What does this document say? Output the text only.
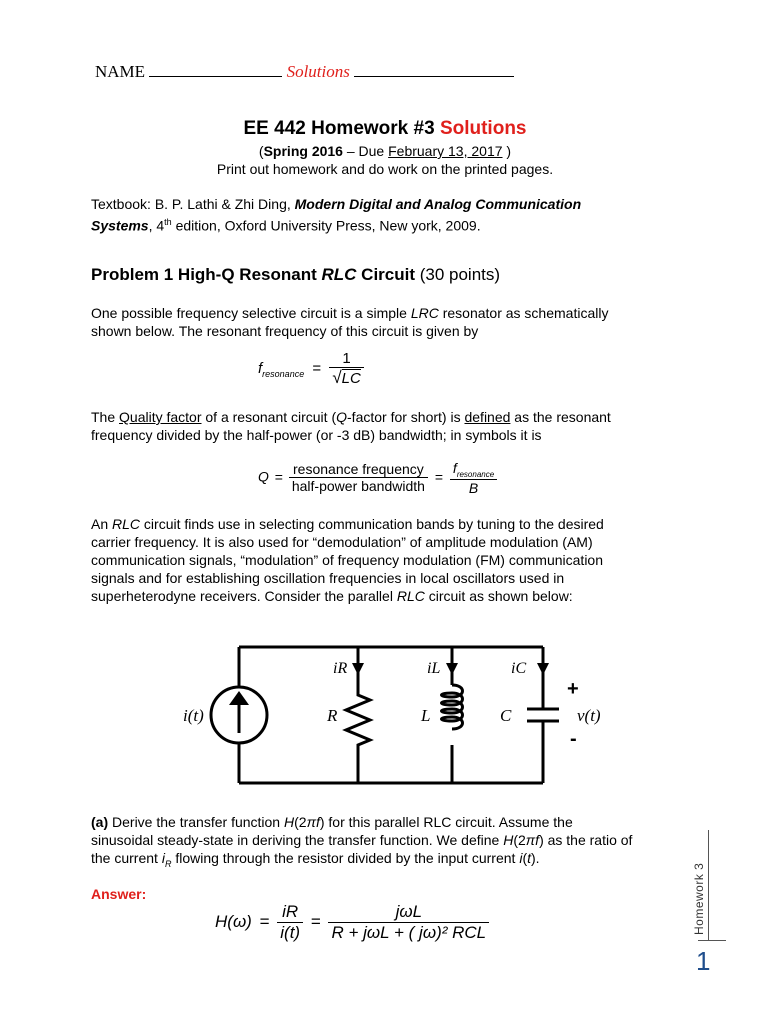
NAME	Solutions
EE 442 Homework #3 Solutions
(Spring 2016 – Due February 13, 2017 )
Print out homework and do work on the printed pages.
Textbook: B. P. Lathi & Zhi Ding, Modern Digital and Analog Communication
Systems, 4th edition, Oxford University Press, New york, 2009.
Problem 1 High-Q Resonant RLC Circuit (30 points)
One possible frequency selective circuit is a simple LRC resonator as schematically
shown below. The resonant frequency of this circuit is given by
$f_{resonance} = \frac{1}{√LC}$
The Quality factor of a resonant circuit (Q-factor for short) is defined as the resonant
frequency divided by the half-power (or -3 dB) bandwidth; in symbols it is
$Q = \frac{\text{resonance frequency}}{\text{half-power bandwidth}} = \frac{f_{resonance}}{B}$
An RLC circuit finds use in selecting communication bands by tuning to the desired
carrier frequency. It is also used for “demodulation” of amplitude modulation (AM)
communication signals, “modulation” of frequency modulation (FM) communication
signals and for establishing oscillation frequencies in local oscillators used in
superheterodyne receivers. Consider the parallel RLC circuit as shown below:
i(t)	R	L	C	v(t)
iR	iL	iC
+
-
(a) Derive the transfer function H(2πf) for this parallel RLC circuit. Assume the
sinusoidal steady-state in deriving the transfer function. We define H(2πf) as the ratio of
the current $i_R$ flowing through the resistor divided by the input current i(t).
Answer:
$H(\omega) = \frac{iR}{i(t)} = \frac{\text{jωL}}{\text{R + jωL + ( jω)² RCL}}$	Homework 3
1
